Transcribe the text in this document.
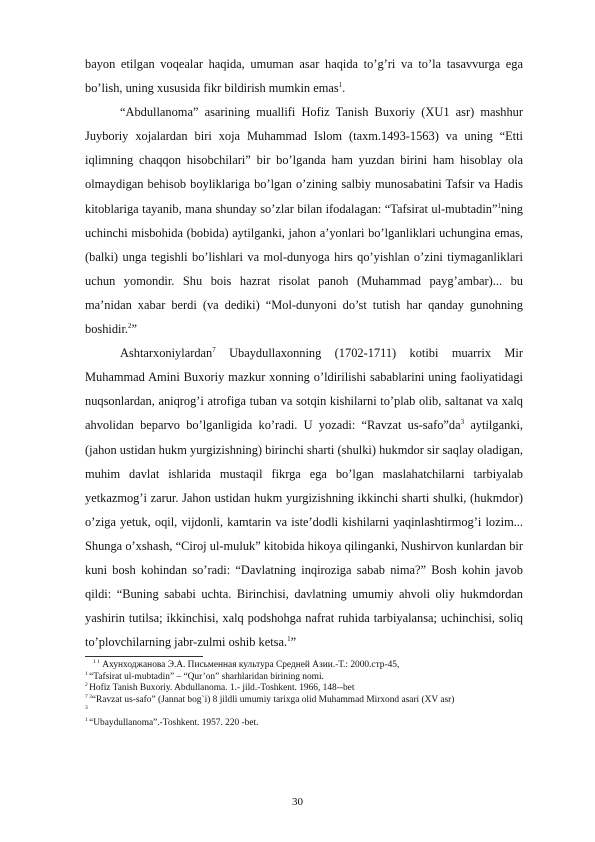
bayon etilgan voqealar haqida, umuman asar haqida to’g’ri va to’la tasavvurga ega bo’lish, uning xususida fikr bildirish mumkin emas$^1$.

“Abdullanoma” asarining muallifi Hofiz Tanish Buxoriy (XU1 asr) mashhur Juyboriy xojalardan biri xoja Muhammad Islom (taxm.1493-1563) va uning “Etti iqlimning chaqqon hisobchilari” bir bo’lganda ham yuzdan birini ham hisoblay ola olmaydigan behisob boyliklariga bo’lgan o’zining salbiy munosabatini Tafsir va Hadis kitoblariga tayanib, mana shunday so’zlar bilan ifodalagan: “Tafsirat ul-mubtadin”$^1$ning uchinchi misbohida (bobida) aytilganki, jahon a’yonlari bo’lganliklari uchungina emas, (balki) unga tegishli bo’lishlari va mol-dunyoga hirs qo’yishlan o’zini tiymaganliklari uchun yomondir. Shu bois hazrat risolat panoh (Muhammad payg’ambar)... bu ma’nidan xabar berdi (va dediki) “Mol-dunyoni do’st tutish har qanday gunohning boshidir.$^2$”

Ashtarxoniylardan$^7$ Ubaydullaxonning (1702-1711) kotibi muarrix Mir Muhammad Amini Buxoriy mazkur xonning o’ldirilishi sabablarini uning faoliyatidagi nuqsonlardan, aniqrog’i atrofiga tuban va sotqin kishilarni to’plab olib, saltanat va xalq ahvolidan beparvo bo’lganligida ko’radi. U yozadi: “Ravzat $us-safo”da^3$ aytilganki, (jahon ustidan hukm yurgizishning) birinchi sharti (shulki) hukmdor sir saqlay oladigan, muhim davlat ishlarida mustaqil fikrga ega bo’lgan maslahatchilarni tarbiyalab yetkazmog’i zarur. Jahon ustidan hukm yurgizishning ikkinchi sharti shulki, (hukmdor) o’ziga yetuk, oqil, vijdonli, kamtarin va iste’dodli kishilarni yaqinlashtirmog’i lozim... Shunga o’xshash, “Ciroj ul-muluk” kitobida hikoya qilinganki, Nushirvon kunlardan bir kuni bosh kohindan so’radi: “Davlatning inqiroziga sabab nima?” Bosh kohin javob qildi: “Buning sababi uchta. Birinchisi, davlatning umumiy ahvoli oliy hukmdordan yashirin tutilsa; ikkinchisi, xalq podshohga nafrat ruhida tarbiyalansa; uchinchisi, soliq to’plovchilarning jabr-zulmi oshib ketsa.$^1$”

$^{1 1}$ Ахунходжанова Э.А. Письменная культура Средней Азии.-Т.: 2000.стр-45,

$^1$ “Tafsirat ul-mubtadin” – “Qur’on” sharhlaridan birining nomi.

$^2$ Hofiz Tanish Buxoriy. Abdullanoma. 1.- jild.-Toshkent. 1966, 148--bet

$^{7 3}$“Ravzat us-safo” (Jannat bog`i) 8 jildli umumiy tarixga olid Muhammad Mirxond asari (XV asr)

$^3$

$^1$ “Ubaydullanoma”.-Toshkent. 1957. 220 -bet.

30
